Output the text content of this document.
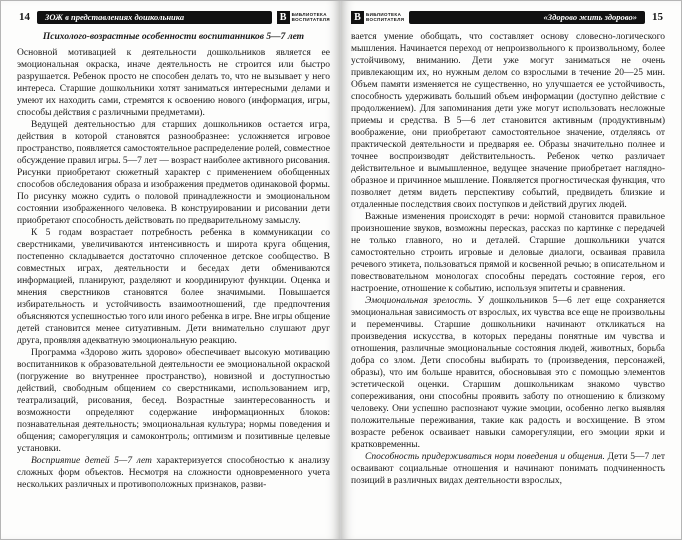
14	ЗОЖ в представлениях дошкольника	В	БИБЛИОТЕКА
ВОСПИТАТЕЛЯ
Психолого-возрастные особенности воспитанников 5—7 лет

Основной мотивацией к деятельности дошкольников является ее эмоциональная окраска, иначе деятельность не строится или быстро разрушается. Ребенок просто не способен делать то, что не вызывает у него интереса. Старшие дошкольники хотят заниматься интересными делами и умеют их находить сами, стремятся к освоению нового (информация, игры, способы действия с различными предметами).

Ведущей деятельностью для старших дошкольников остается игра, действия в которой становятся разнообразнее: усложняется игровое пространство, появляется самостоятельное распределение ролей, совместное обсуждение правил игры. 5—7 лет — возраст наиболее активного рисования. Рисунки приобретают сюжетный характер с применением обобщенных способов обследования образа и изображения предметов одинаковой формы. По рисунку можно судить о половой принадлежности и эмоциональном состоянии изображенного человека. В конструировании и рисовании дети приобретают способность действовать по предварительному замыслу.

К 5 годам возрастает потребность ребенка в коммуникации со сверстниками, увеличиваются интенсивность и широта круга общения, постепенно складывается достаточно сплоченное детское сообщество. В совместных играх, деятельности и беседах дети обмениваются информацией, планируют, разделяют и координируют функции. Оценка и мнения сверстников становятся более значимыми. Повышается избирательность и устойчивость взаимоотношений, где предпочтения объясняются успешностью того или иного ребенка в игре. Вне игры общение детей становится менее ситуативным. Дети внимательно слушают друг друга, проявляя адекватную эмоциональную реакцию.

Программа «Здорово жить здорово» обеспечивает высокую мотивацию воспитанников к образовательной деятельности ее эмоциональной окраской (погружение во внутреннее пространство), новизной и доступностью действий, свободным общением со сверстниками, использованием игр, театрализаций, рисования, бесед. Возрастные заинтересованность и возможности определяют содержание информационных блоков: познавательная деятельность; эмоциональная культура; нормы поведения и общения; саморегуляция и самоконтроль; оптимизм и позитивные целевые установки.

Восприятие детей 5—7 лет характеризуется способностью к анализу сложных форм объектов. Несмотря на сложности одновременного учета нескольких различных и противоположных признаков, разви-

В	БИБЛИОТЕКА
ВОСПИТАТЕЛЯ	«Здорово жить здорово»	15

вается умение обобщать, что составляет основу словесно-логического мышления. Начинается переход от непроизвольного к произвольному, более устойчивому, вниманию. Дети уже могут заниматься не очень привлекающим их, но нужным делом со взрослыми в течение 20—25 мин. Объем памяти изменяется не существенно, но улучшается ее устойчивость, способность удерживать больший объем информации (доступно действие с продолжением). Для запоминания дети уже могут использовать несложные приемы и средства. В 5—6 лет становится активным (продуктивным) воображение, они приобретают самостоятельное значение, отделяясь от практической деятельности и предваряя ее. Образы значительно полнее и точнее воспроизводят действительность. Ребенок четко различает действительное и вымышленное, ведущее значение приобретает наглядно-образное и причинное мышление. Появляется прогностическая функция, что позволяет детям видеть перспективу событий, предвидеть близкие и отдаленные последствия своих поступков и действий других людей.

Важные изменения происходят в речи: нормой становится правильное произношение звуков, возможны пересказ, рассказ по картинке с передачей не только главного, но и деталей. Старшие дошкольники учатся самостоятельно строить игровые и деловые диалоги, осваивая правила речевого этикета, пользоваться прямой и косвенной речью; в описательном и повествовательном монологах способны передать состояние героя, его настроение, отношение к событию, используя эпитеты и сравнения.

Эмоциональная зрелость. У дошкольников 5—6 лет еще сохраняется эмоциональная зависимость от взрослых, их чувства все еще не произвольны и переменчивы. Старшие дошкольники начинают откликаться на произведения искусства, в которых переданы понятные им чувства и отношения, различные эмоциональные состояния людей, животных, борьба добра со злом. Дети способны выбирать то (произведения, персонажей, образы), что им больше нравится, обосновывая это с помощью элементов эстетической оценки. Старшим дошкольникам знакомо чувство сопереживания, они способны проявить заботу по отношению к близкому человеку. Они успешно распознают чужие эмоции, особенно легко выявляя положительные переживания, такие как радость и восхищение. В этом возрасте ребенок осваивает навыки саморегуляции, его эмоции ярки и кратковременны.

Способность придерживаться норм поведения и общения. Дети 5—7 лет осваивают социальные отношения и начинают понимать подчиненность позиций в различных видах деятельности взрослых,
